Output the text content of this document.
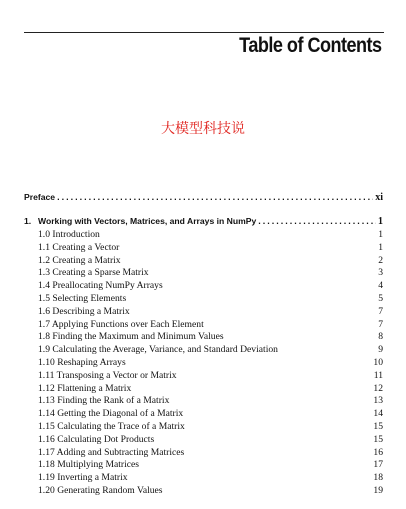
Table of Contents
大模型科技说
Preface .....	xi
1. Working with Vectors, Matrices, and Arrays in NumPy .....	1
1.0 Introduction	1
1.1 Creating a Vector	1
1.2 Creating a Matrix	2
1.3 Creating a Sparse Matrix	3
1.4 Preallocating NumPy Arrays	4
1.5 Selecting Elements	5
1.6 Describing a Matrix	7
1.7 Applying Functions over Each Element	7
1.8 Finding the Maximum and Minimum Values	8
1.9 Calculating the Average, Variance, and Standard Deviation	9
1.10 Reshaping Arrays	10
1.11 Transposing a Vector or Matrix	11
1.12 Flattening a Matrix	12
1.13 Finding the Rank of a Matrix	13
1.14 Getting the Diagonal of a Matrix	14
1.15 Calculating the Trace of a Matrix	15
1.16 Calculating Dot Products	15
1.17 Adding and Subtracting Matrices	16
1.18 Multiplying Matrices	17
1.19 Inverting a Matrix	18
1.20 Generating Random Values	19
